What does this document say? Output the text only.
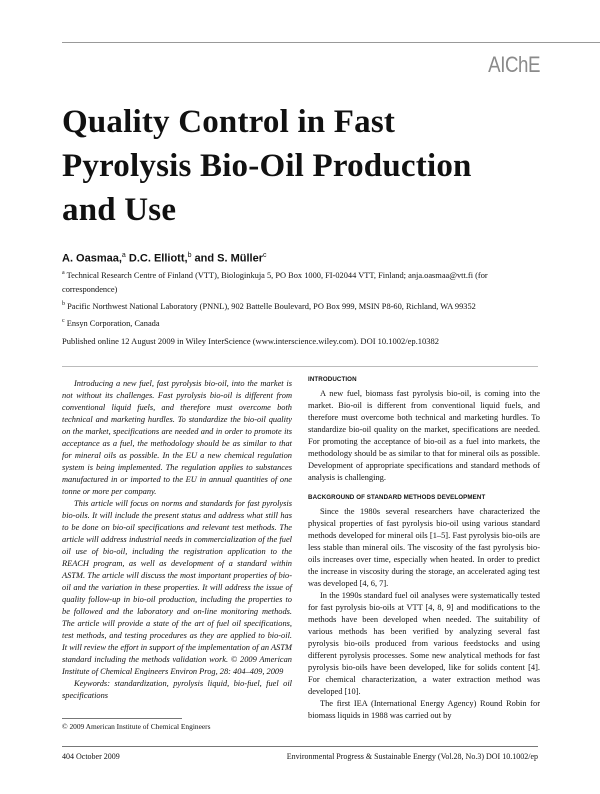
AIChE
Quality Control in Fast Pyrolysis Bio-Oil Production and Use
A. Oasmaa,$^a$ D.C. Elliott,$^b$ and S. Müller$^c$
$^a$ Technical Research Centre of Finland (VTT), Biologinkuja 5, PO Box 1000, FI-02044 VTT, Finland; anja.oasmaa@vtt.fi (for correspondence)
$^b$ Pacific Northwest National Laboratory (PNNL), 902 Battelle Boulevard, PO Box 999, MSIN P8-60, Richland, WA 99352
$^c$ Ensyn Corporation, Canada
Published online 12 August 2009 in Wiley InterScience (www.interscience.wiley.com). DOI 10.1002/ep.10382

Introducing a new fuel, fast pyrolysis bio-oil, into the market is not without its challenges. Fast pyrolysis bio-oil is different from conventional liquid fuels, and therefore must overcome both technical and marketing hurdles. To standardize the bio-oil quality on the market, specifications are needed and in order to promote its acceptance as a fuel, the methodology should be as similar to that for mineral oils as possible. In the EU a new chemical regulation system is being implemented. The regulation applies to substances manufactured in or imported to the EU in annual quantities of one tonne or more per company.

This article will focus on norms and standards for fast pyrolysis bio-oils. It will include the present status and address what still has to be done on bio-oil specifications and relevant test methods. The article will address industrial needs in commercialization of the fuel oil use of bio-oil, including the registration application to the REACH program, as well as development of a standard within ASTM. The article will discuss the most important properties of bio-oil and the variation in these properties. It will address the issue of quality follow-up in bio-oil production, including the properties to be followed and the laboratory and on-line monitoring methods. The article will provide a state of the art of fuel oil specifications, test methods, and testing procedures as they are applied to bio-oil. It will review the effort in support of the implementation of an ASTM standard including the methods validation work. © 2009 American Institute of Chemical Engineers Environ Prog, 28: 404–409, 2009

Keywords: standardization, pyrolysis liquid, bio-fuel, fuel oil specifications

INTRODUCTION

A new fuel, biomass fast pyrolysis bio-oil, is coming into the market. Bio-oil is different from conventional liquid fuels, and therefore must overcome both technical and marketing hurdles. To standardize bio-oil quality on the market, specifications are needed. For promoting the acceptance of bio-oil as a fuel into markets, the methodology should be as similar to that for mineral oils as possible. Development of appropriate specifications and standard methods of analysis is challenging.

BACKGROUND OF STANDARD METHODS DEVELOPMENT

Since the 1980s several researchers have characterized the physical properties of fast pyrolysis bio-oil using various standard methods developed for mineral oils [1–5]. Fast pyrolysis bio-oils are less stable than mineral oils. The viscosity of the fast pyrolysis bio-oils increases over time, especially when heated. In order to predict the increase in viscosity during the storage, an accelerated aging test was developed [4, 6, 7].

In the 1990s standard fuel oil analyses were systematically tested for fast pyrolysis bio-oils at VTT [4, 8, 9] and modifications to the methods have been developed when needed. The suitability of various methods has been verified by analyzing several fast pyrolysis bio-oils produced from various feedstocks and using different pyrolysis processes. Some new analytical methods for fast pyrolysis bio-oils have been developed, like for solids content [4]. For chemical characterization, a water extraction method was developed [10].

The first IEA (International Energy Agency) Round Robin for biomass liquids in 1988 was carried out by

© 2009 American Institute of Chemical Engineers
404 October 2009	Environmental Progress & Sustainable Energy (Vol.28, No.3) DOI 10.1002/ep
